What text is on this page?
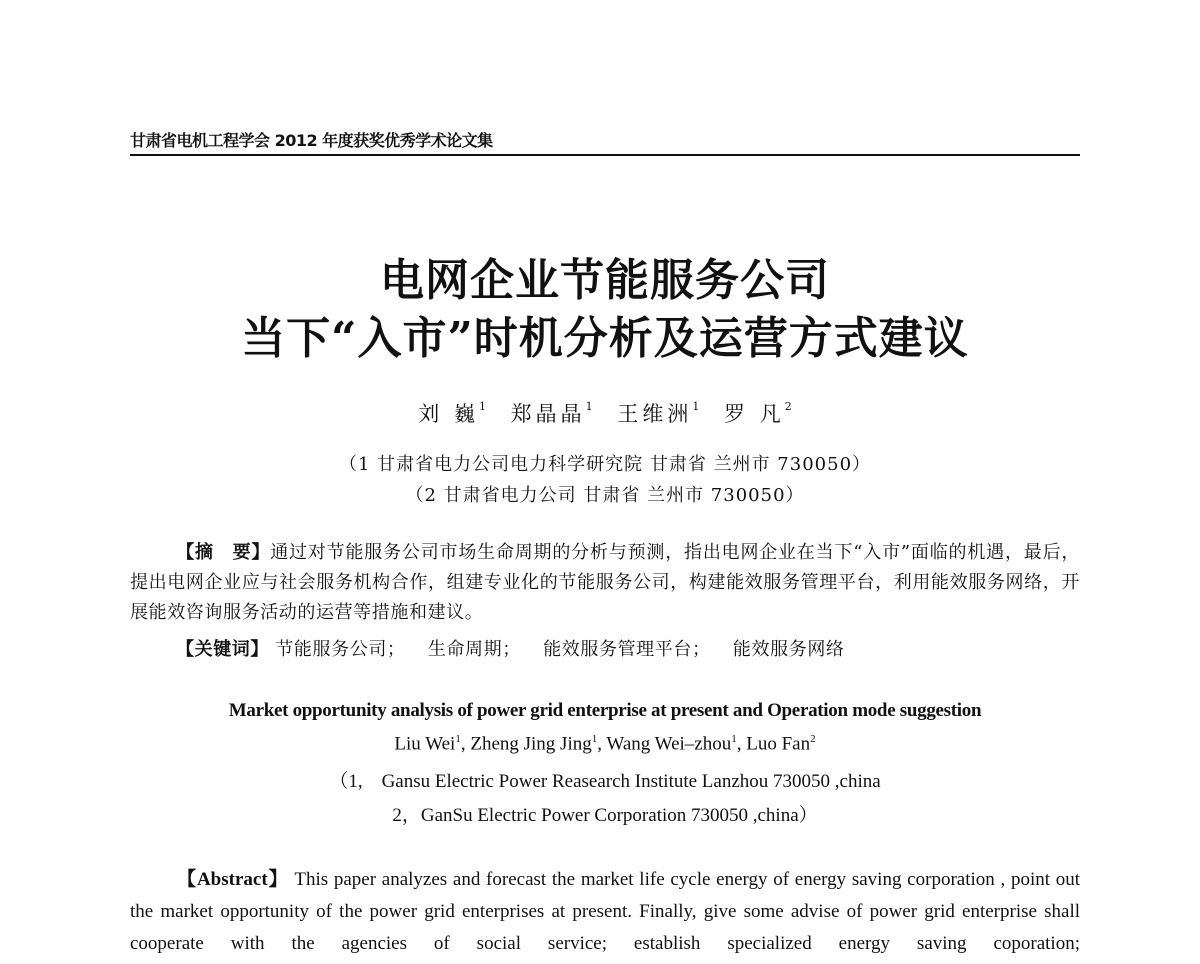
甘肃省电机工程学会 2012 年度获奖优秀学术论文集
电网企业节能服务公司
当下“入市”时机分析及运营方式建议
刘 巍$^1$ 郑晶晶$^1$ 王维洲$^1$ 罗 凡$^2$
（1 甘肃省电力公司电力科学研究院 甘肃省 兰州市 730050）
（2 甘肃省电力公司 甘肃省 兰州市 730050）
【摘　要】通过对节能服务公司市场生命周期的分析与预测，指出电网企业在当下“入市”面临的机遇，最后，提出电网企业应与社会服务机构合作，组建专业化的节能服务公司，构建能效服务管理平台，利用能效服务网络，开展能效咨询服务活动的运营等措施和建议。
【关键词】 节能服务公司； 生命周期； 能效服务管理平台； 能效服务网络
Market opportunity analysis of power grid enterprise at present and Operation mode suggestion
Liu Wei$^1$, Zheng Jing Jing$^1$, Wang Wei–zhou$^1$, Luo Fan$^2$
（1,　Gansu Electric Power Reasearch Institute Lanzhou 730050 ,china
2，GanSu Electric Power Corporation 730050 ,china）
【Abstract】 This paper analyzes and forecast the market life cycle energy of energy saving corporation , point out the market opportunity of the power grid enterprises at present. Finally, give some advise of power grid enterprise shall cooperate with the agencies of social service; establish specialized energy saving coporation;
